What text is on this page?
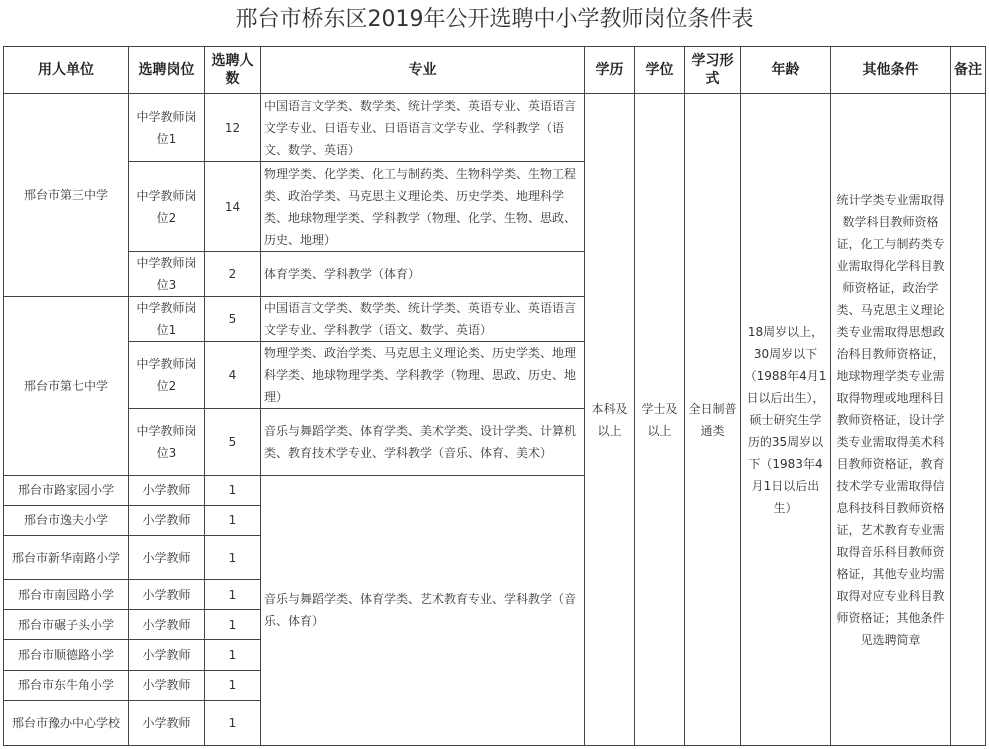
邢台市桥东区2019年公开选聘中小学教师岗位条件表
用人单位	选聘岗位	选聘人数	专业	学历	学位	学习形式	年龄	其他条件	备注
邢台市第三中学	中学教师岗位1	12	中国语言文学类、数学类、统计学类、英语专业、英语语言文学专业、日语专业、日语语言文学专业、学科教学（语文、数学、英语）	本科及以上	学士及以上	全日制普通类	18周岁以上，30周岁以下（1988年4月1日以后出生），硕士研究生学历的35周岁以下（1983年4月1日以后出生）	统计学类专业需取得数学科目教师资格证，化工与制药类专业需取得化学科目教师资格证，政治学类、马克思主义理论类专业需取得思想政治科目教师资格证，地球物理学类专业需取得物理或地理科目教师资格证，设计学类专业需取得美术科目教师资格证，教育技术学专业需取得信息科技科目教师资格证，艺术教育专业需取得音乐科目教师资格证，其他专业均需取得对应专业科目教师资格证；其他条件见选聘简章	
	中学教师岗位2	14	物理学类、化学类、化工与制药类、生物科学类、生物工程类、政治学类、马克思主义理论类、历史学类、地理科学类、地球物理学类、学科教学（物理、化学、生物、思政、历史、地理）						
	中学教师岗位3	2	体育学类、学科教学（体育）						
邢台市第七中学	中学教师岗位1	5	中国语言文学类、数学类、统计学类、英语专业、英语语言文学专业、学科教学（语文、数学、英语）						
	中学教师岗位2	4	物理学类、政治学类、马克思主义理论类、历史学类、地理科学类、地球物理学类、学科教学（物理、思政、历史、地理）						
	中学教师岗位3	5	音乐与舞蹈学类、体育学类、美术学类、设计学类、计算机类、教育技术学专业、学科教学（音乐、体育、美术）						
邢台市路家园小学	小学教师	1	音乐与舞蹈学类、体育学类、艺术教育专业、学科教学（音乐、体育）						
邢台市逸夫小学	小学教师	1							
邢台市新华南路小学	小学教师	1							
邢台市南园路小学	小学教师	1							
邢台市碾子头小学	小学教师	1							
邢台市顺德路小学	小学教师	1							
邢台市东牛角小学	小学教师	1							
邢台市豫办中心学校	小学教师	1							
